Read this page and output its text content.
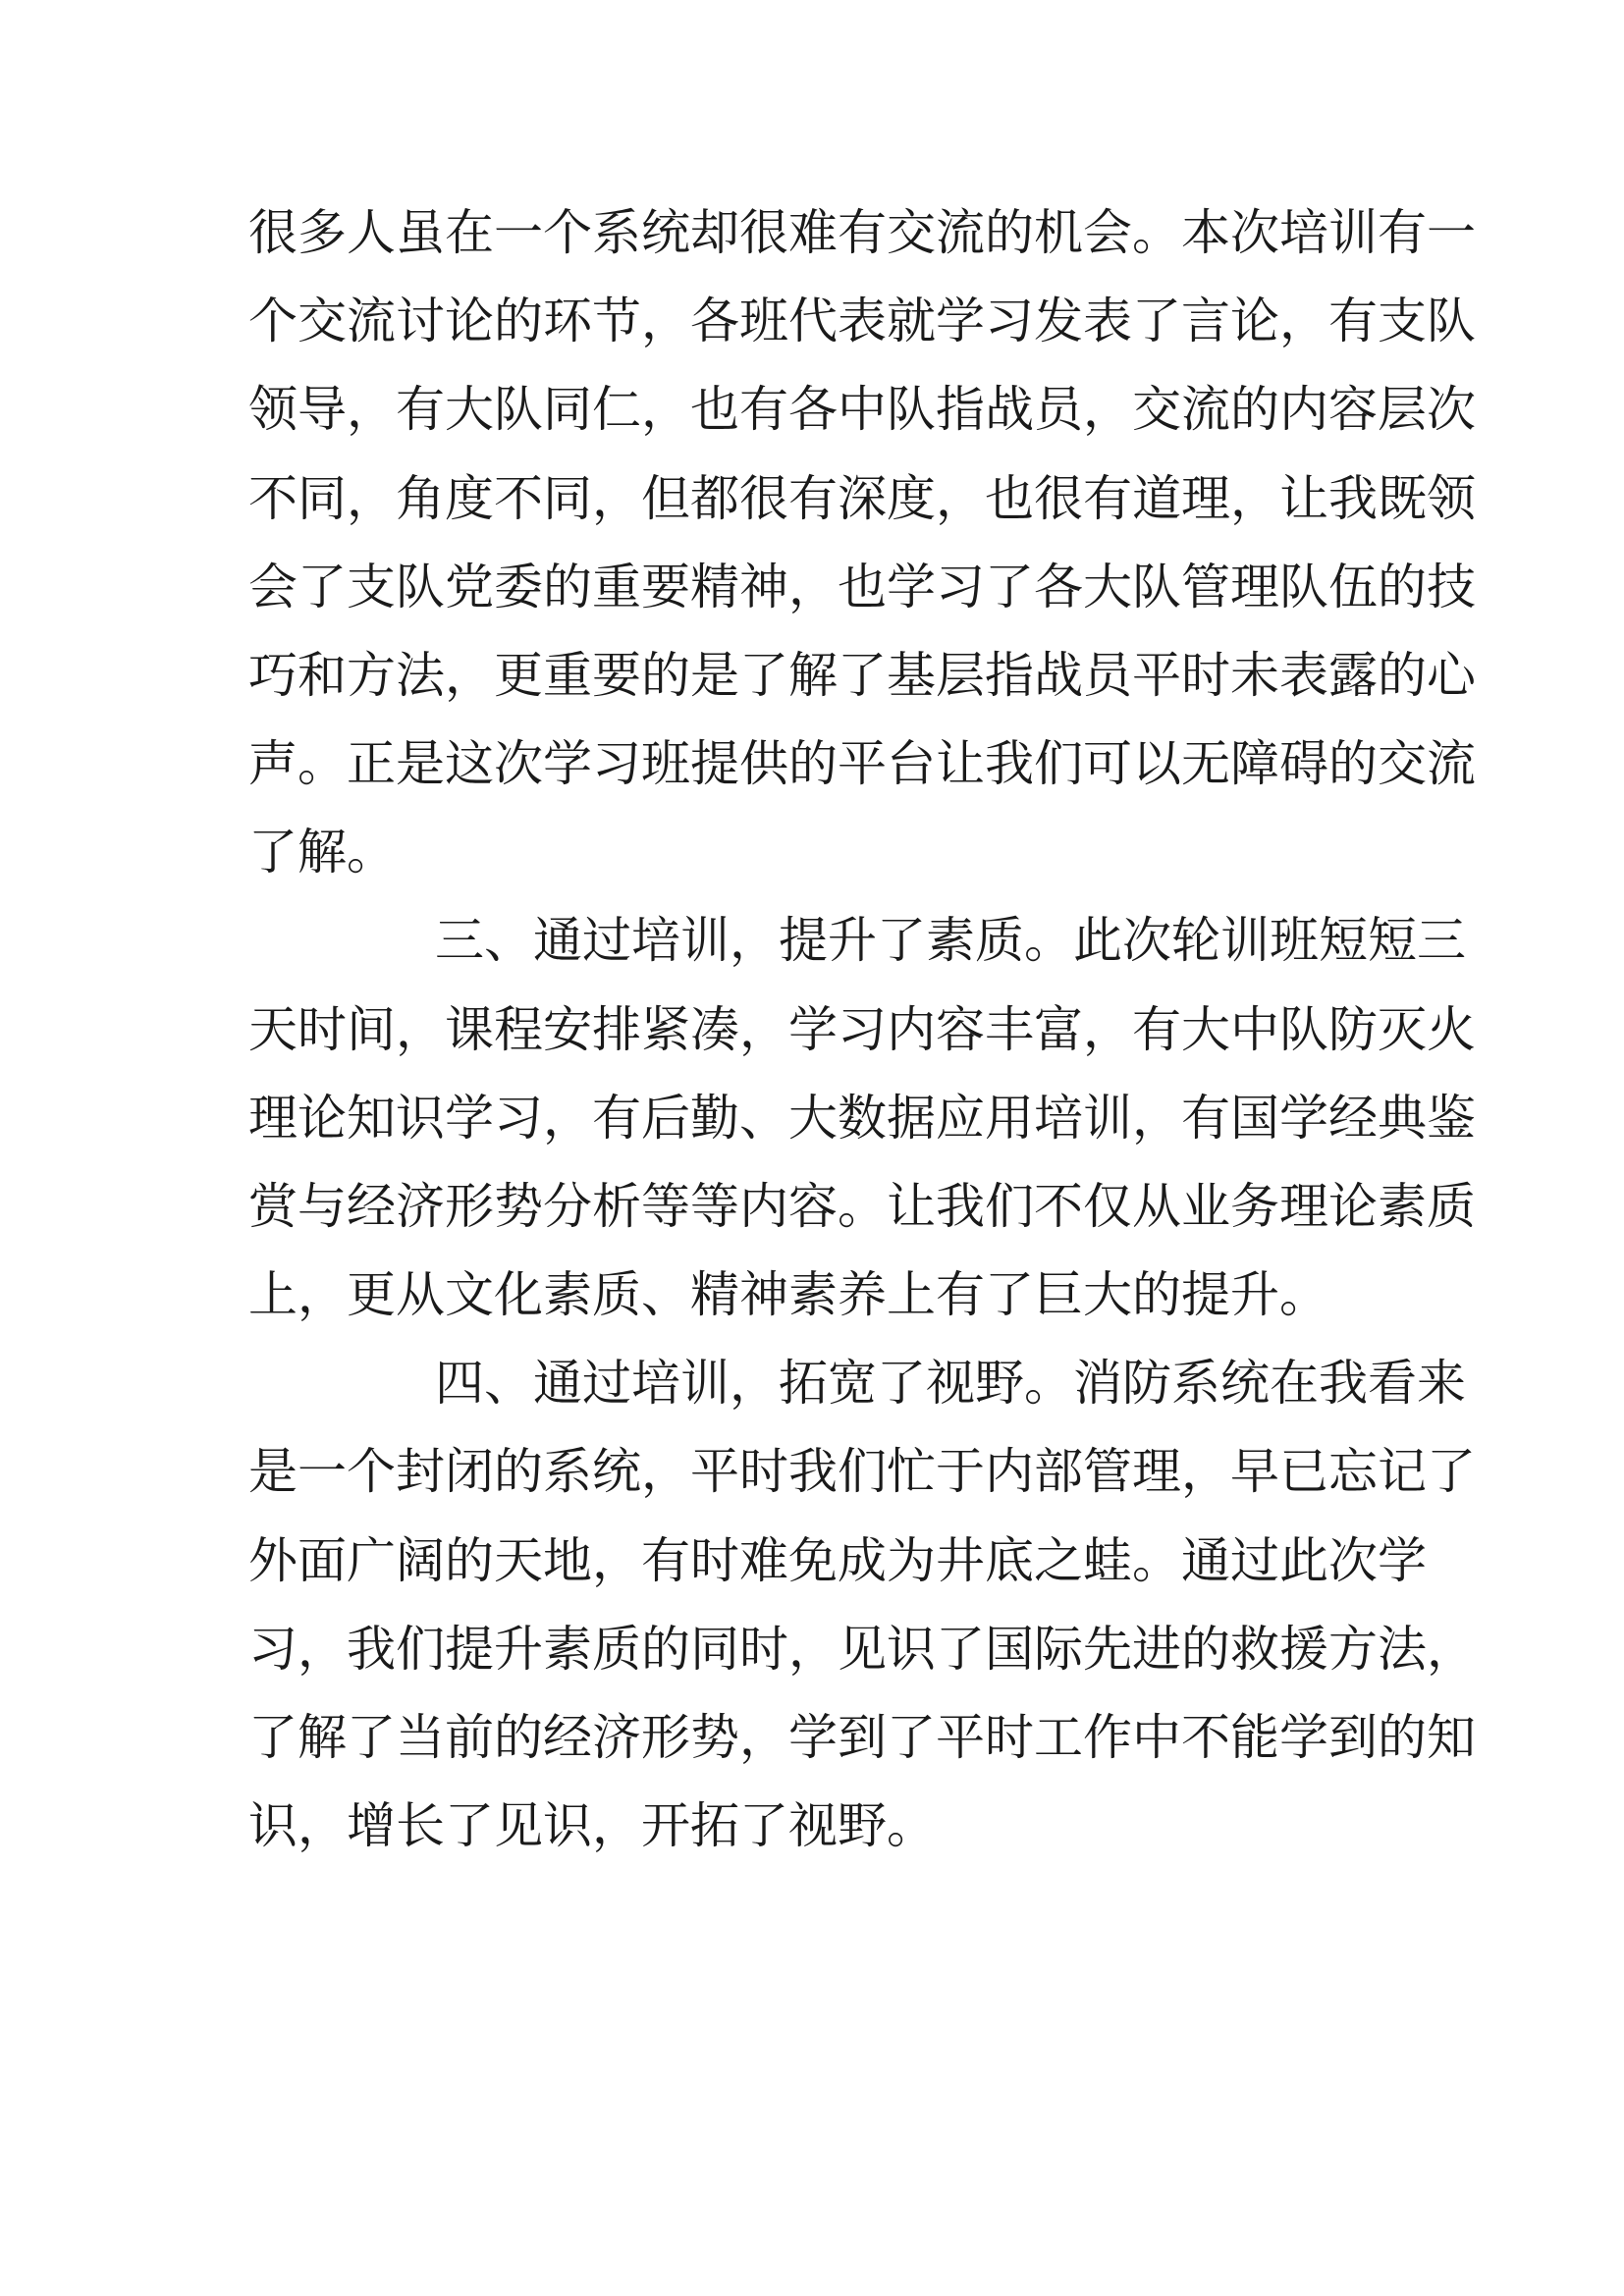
很多人虽在一个系统却很难有交流的机会。本次培训有一
个交流讨论的环节，各班代表就学习发表了言论，有支队
领导，有大队同仁，也有各中队指战员，交流的内容层次
不同，角度不同，但都很有深度，也很有道理，让我既领
会了支队党委的重要精神，也学习了各大队管理队伍的技
巧和方法，更重要的是了解了基层指战员平时未表露的心
声。正是这次学习班提供的平台让我们可以无障碍的交流
了解。
三、通过培训，提升了素质。此次轮训班短短三
天时间，课程安排紧凑，学习内容丰富，有大中队防灭火
理论知识学习，有后勤、大数据应用培训，有国学经典鉴
赏与经济形势分析等等内容。让我们不仅从业务理论素质
上，更从文化素质、精神素养上有了巨大的提升。
四、通过培训，拓宽了视野。消防系统在我看来
是一个封闭的系统，平时我们忙于内部管理，早已忘记了
外面广阔的天地，有时难免成为井底之蛙。通过此次学
习，我们提升素质的同时，见识了国际先进的救援方法，
了解了当前的经济形势，学到了平时工作中不能学到的知
识，增长了见识，开拓了视野。
